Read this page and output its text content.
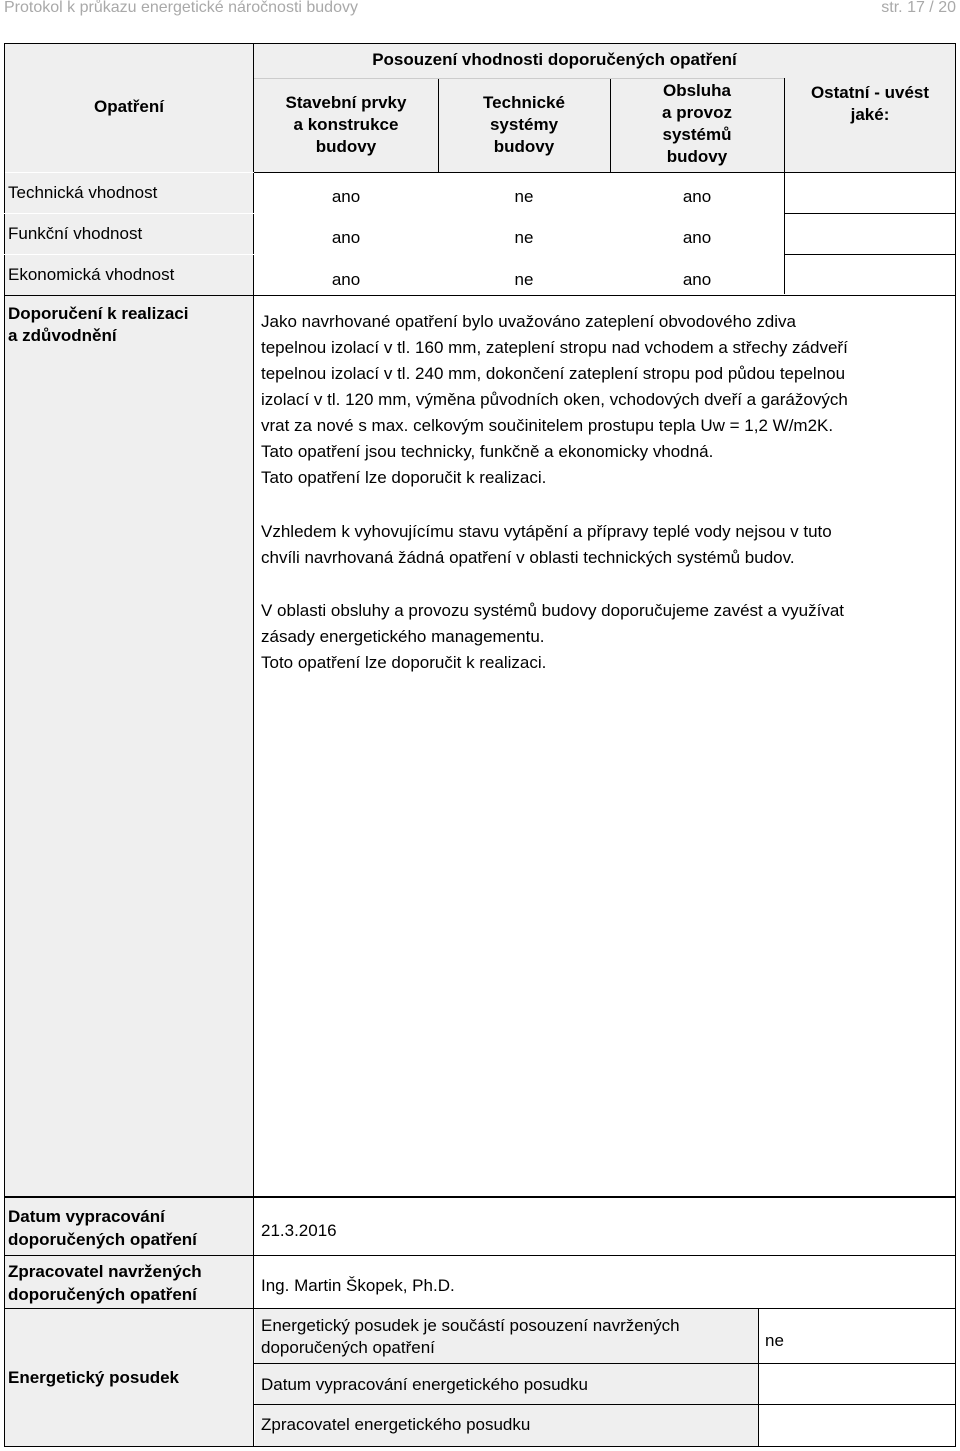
Protokol k průkazu energetické náročnosti budovy	str. 17 / 20
Opatření
Posouzení vhodnosti doporučených opatření
Stavební prvky
a konstrukce
budovy
Technické
systémy
budovy
Obsluha
a provoz
systémů
budovy
Ostatní - uvést
jaké:
Technická vhodnost	ano	ne	ano
Funkční vhodnost	ano	ne	ano
Ekonomická vhodnost	ano	ne	ano
Doporučení k realizaci
a zdůvodnění
Jako navrhované opatření bylo uvažováno zateplení obvodového zdiva
tepelnou izolací v tl. 160 mm, zateplení stropu nad vchodem a střechy zádveří
tepelnou izolací v tl. 240 mm, dokončení zateplení stropu pod půdou tepelnou
izolací v tl. 120 mm, výměna původních oken, vchodových dveří a garážových
vrat za nové s max. celkovým součinitelem prostupu tepla Uw = 1,2 W/m2K.
Tato opatření jsou technicky, funkčně a ekonomicky vhodná.
Tato opatření lze doporučit k realizaci.
Vzhledem k vyhovujícímu stavu vytápění a přípravy teplé vody nejsou v tuto
chvíli navrhovaná žádná opatření v oblasti technických systémů budov.
V oblasti obsluhy a provozu systémů budovy doporučujeme zavést a využívat
zásady energetického managementu.
Toto opatření lze doporučit k realizaci.
Datum vypracování
doporučených opatření	21.3.2016
Zpracovatel navržených
doporučených opatření	Ing. Martin Škopek, Ph.D.
Energetický posudek
Energetický posudek je součástí posouzení navržených
doporučených opatření	ne
Datum vypracování energetického posudku
Zpracovatel energetického posudku
